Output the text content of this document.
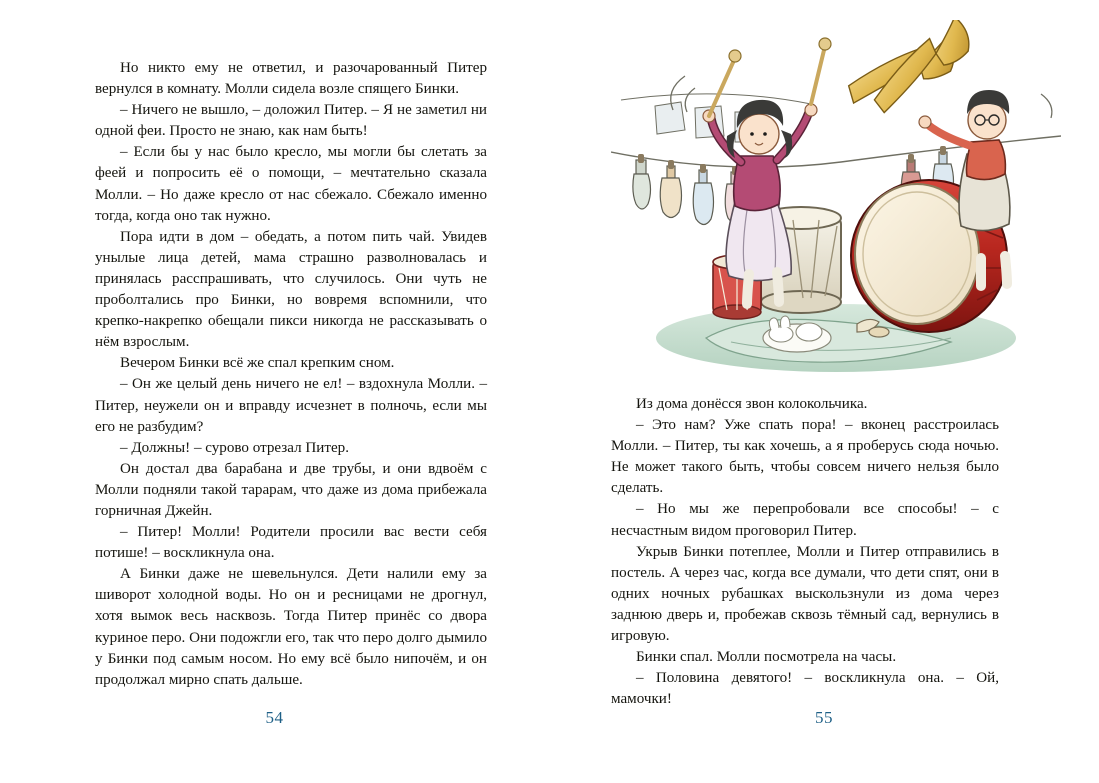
Но никто ему не ответил, и разочарованный Питер вернулся в комнату. Молли сидела возле спящего Бинки.

– Ничего не вышло, – доложил Питер. – Я не заметил ни одной феи. Просто не знаю, как нам быть!

– Если бы у нас было кресло, мы могли бы слетать за феей и попросить её о помощи, – мечтательно сказала Молли. – Но даже кресло от нас сбежало. Сбежало именно тогда, когда оно так нужно.

Пора идти в дом – обедать, а потом пить чай. Увидев унылые лица детей, мама страшно разволновалась и принялась расспрашивать, что случилось. Они чуть не проболтались про Бинки, но вовремя вспомнили, что крепко-накрепко обещали пикси никогда не рассказывать о нём взрослым.

Вечером Бинки всё же спал крепким сном.

– Он же целый день ничего не ел! – вздохнула Молли. – Питер, неужели он и вправду исчезнет в полночь, если мы его не разбудим?

– Должны! – сурово отрезал Питер.

Он достал два барабана и две трубы, и они вдвоём с Молли подняли такой тарарам, что даже из дома прибежала горничная Джейн.

– Питер! Молли! Родители просили вас вести себя потише! – воскликнула она.

А Бинки даже не шевельнулся. Дети налили ему за шиворот холодной воды. Но он и ресницами не дрогнул, хотя вымок весь насквозь. Тогда Питер принёс со двора куриное перо. Они подожгли его, так что перо долго дымило у Бинки под самым носом. Но ему всё было нипочём, и он продолжал мирно спать дальше.

54

Из дома донёсся звон колокольчика.

– Это нам? Уже спать пора! – вконец расстроилась Молли. – Питер, ты как хочешь, а я проберусь сюда ночью. Не может такого быть, чтобы совсем ничего нельзя было сделать.

– Но мы же перепробовали все способы! – с несчастным видом проговорил Питер.

Укрыв Бинки потеплее, Молли и Питер отправились в постель. А через час, когда все думали, что дети спят, они в одних ночных рубашках выскользнули из дома через заднюю дверь и, пробежав сквозь тёмный сад, вернулись в игровую.

Бинки спал. Молли посмотрела на часы.

– Половина девятого! – воскликнула она. – Ой, мамочки!

55
